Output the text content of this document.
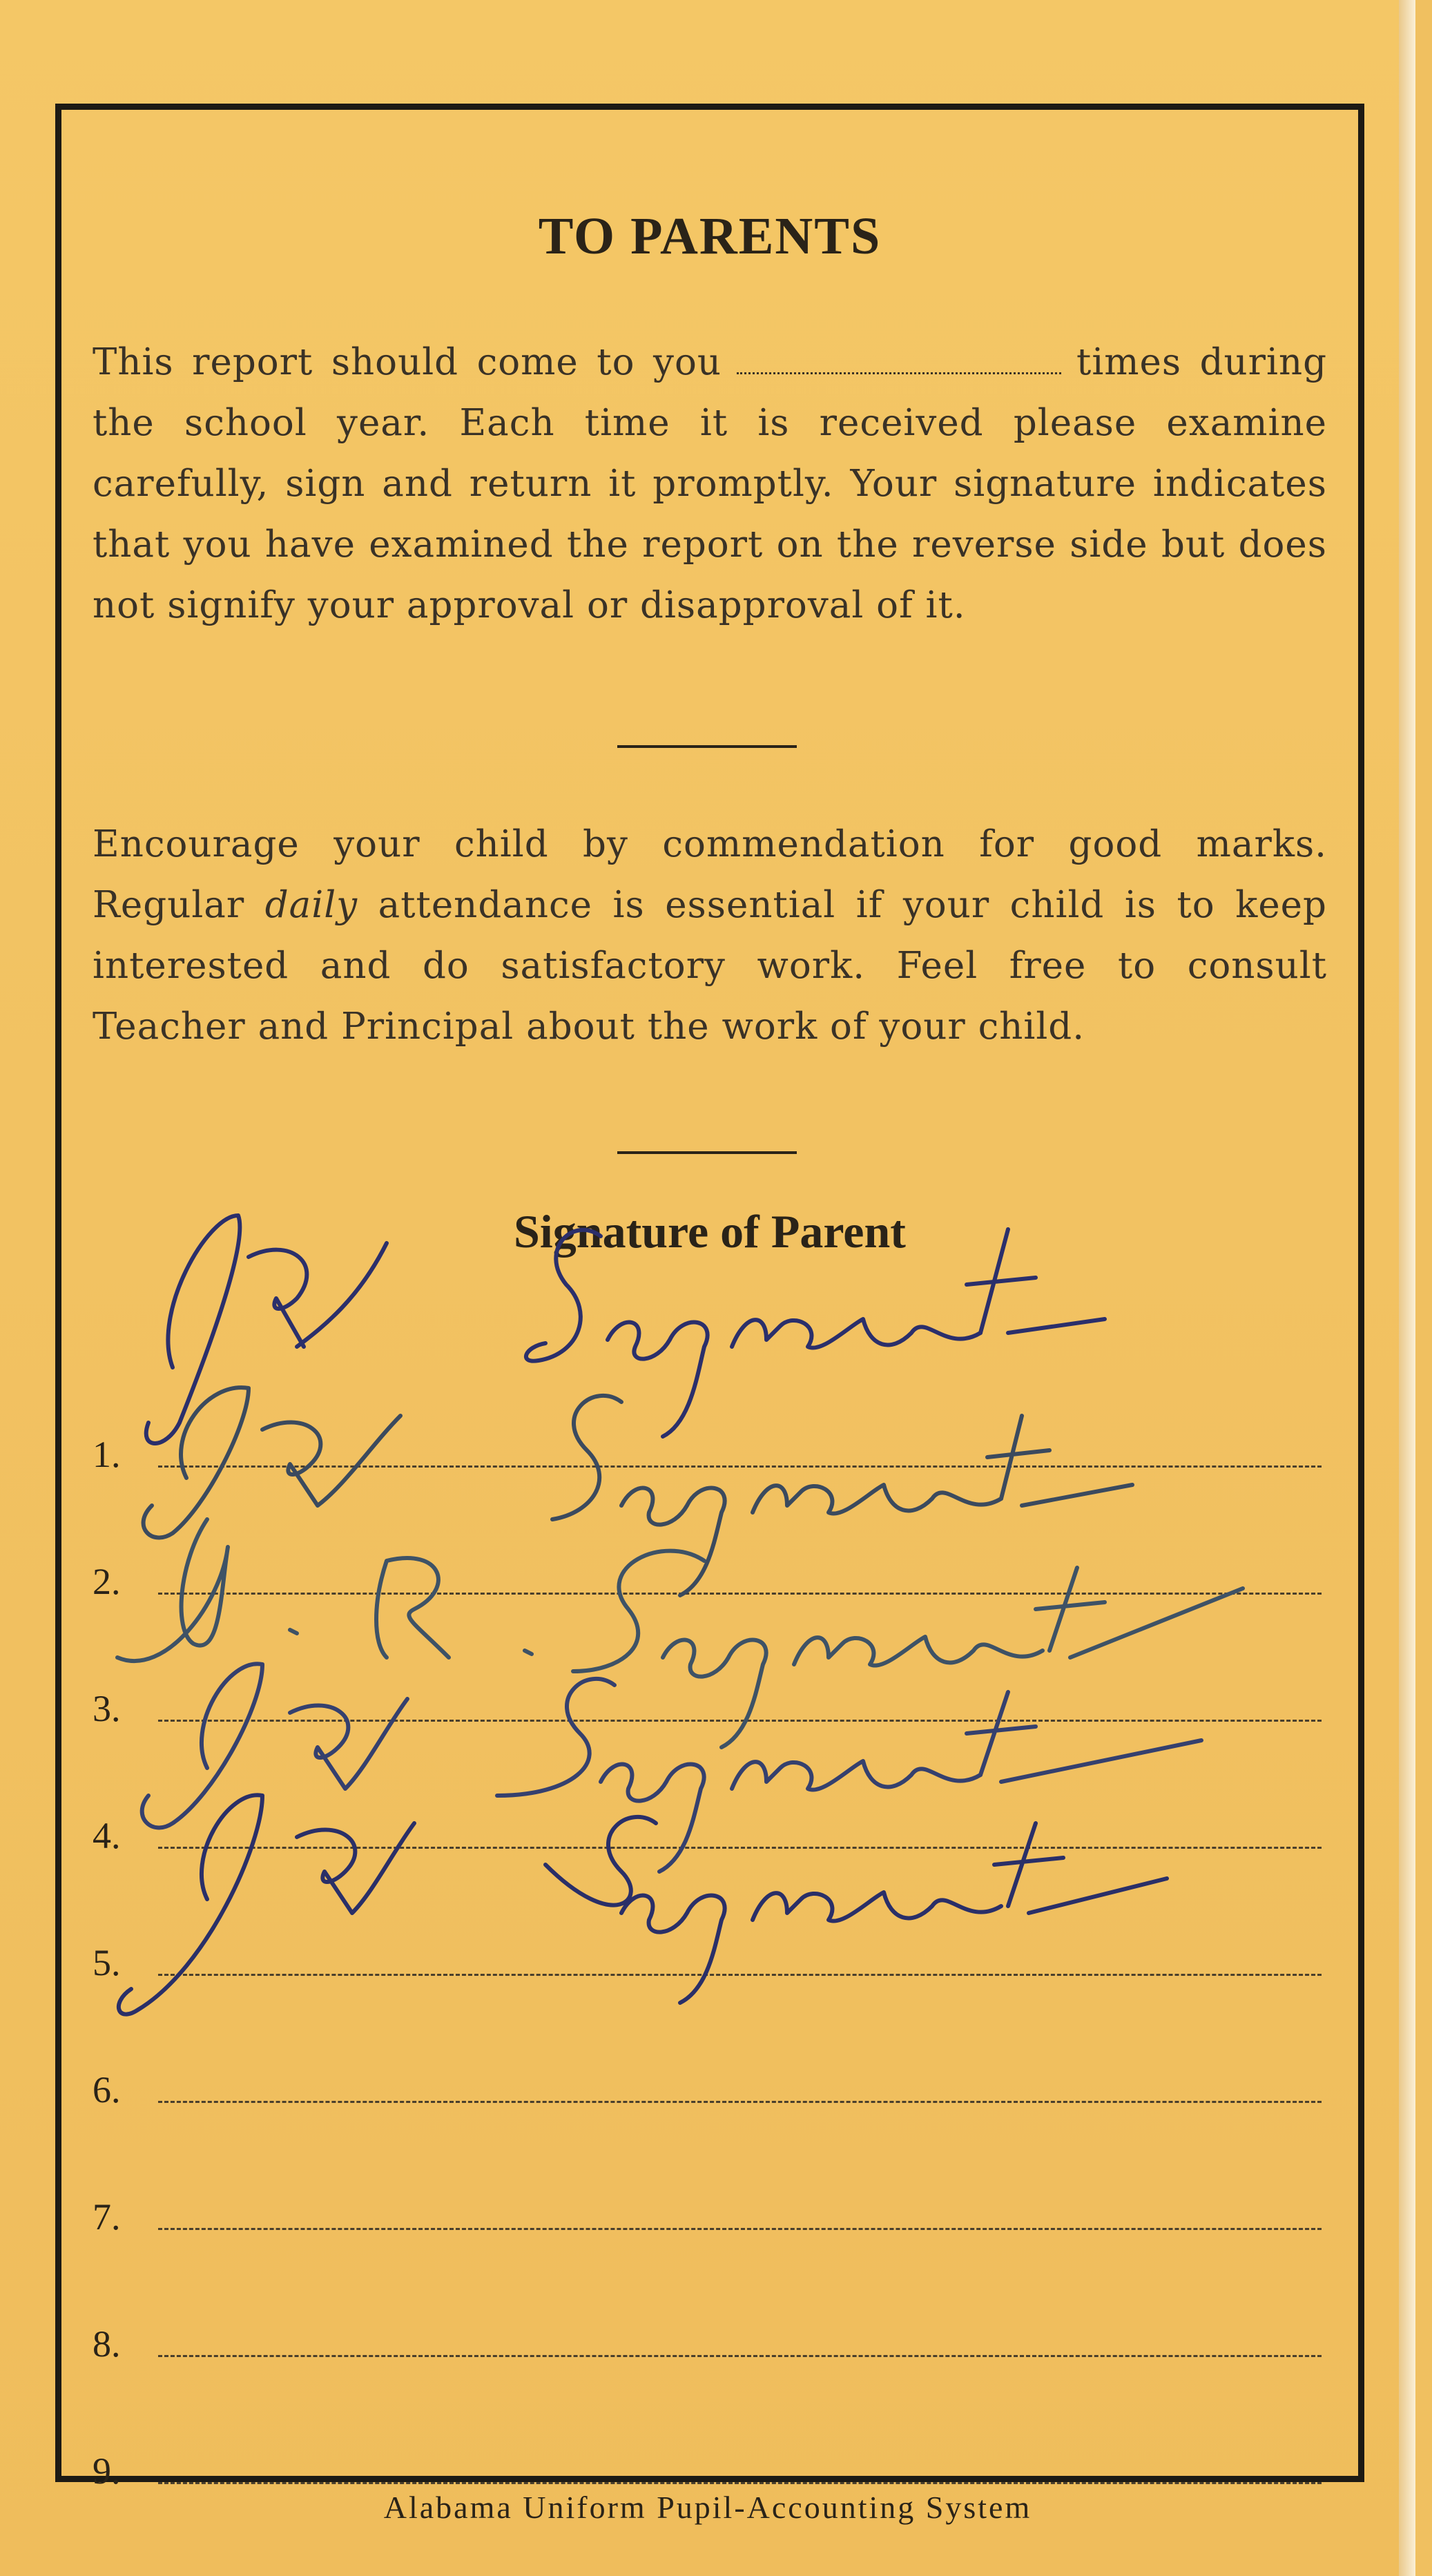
TO PARENTS
This report should come to you	times during the school year. Each time it is received please examine carefully, sign and return it promptly. Your signature indicates that you have examined the report on the reverse side but does not signify your approval or disapproval of it.
Encourage your child by commendation for good marks. Regular daily attendance is essential if your child is to keep interested and do satisfactory work. Feel free to consult Teacher and Principal about the work of your child.
Signature of Parent
1.
2.
3.
4.
5.
6.
7.
8.
9.
Alabama Uniform Pupil-Accounting System
